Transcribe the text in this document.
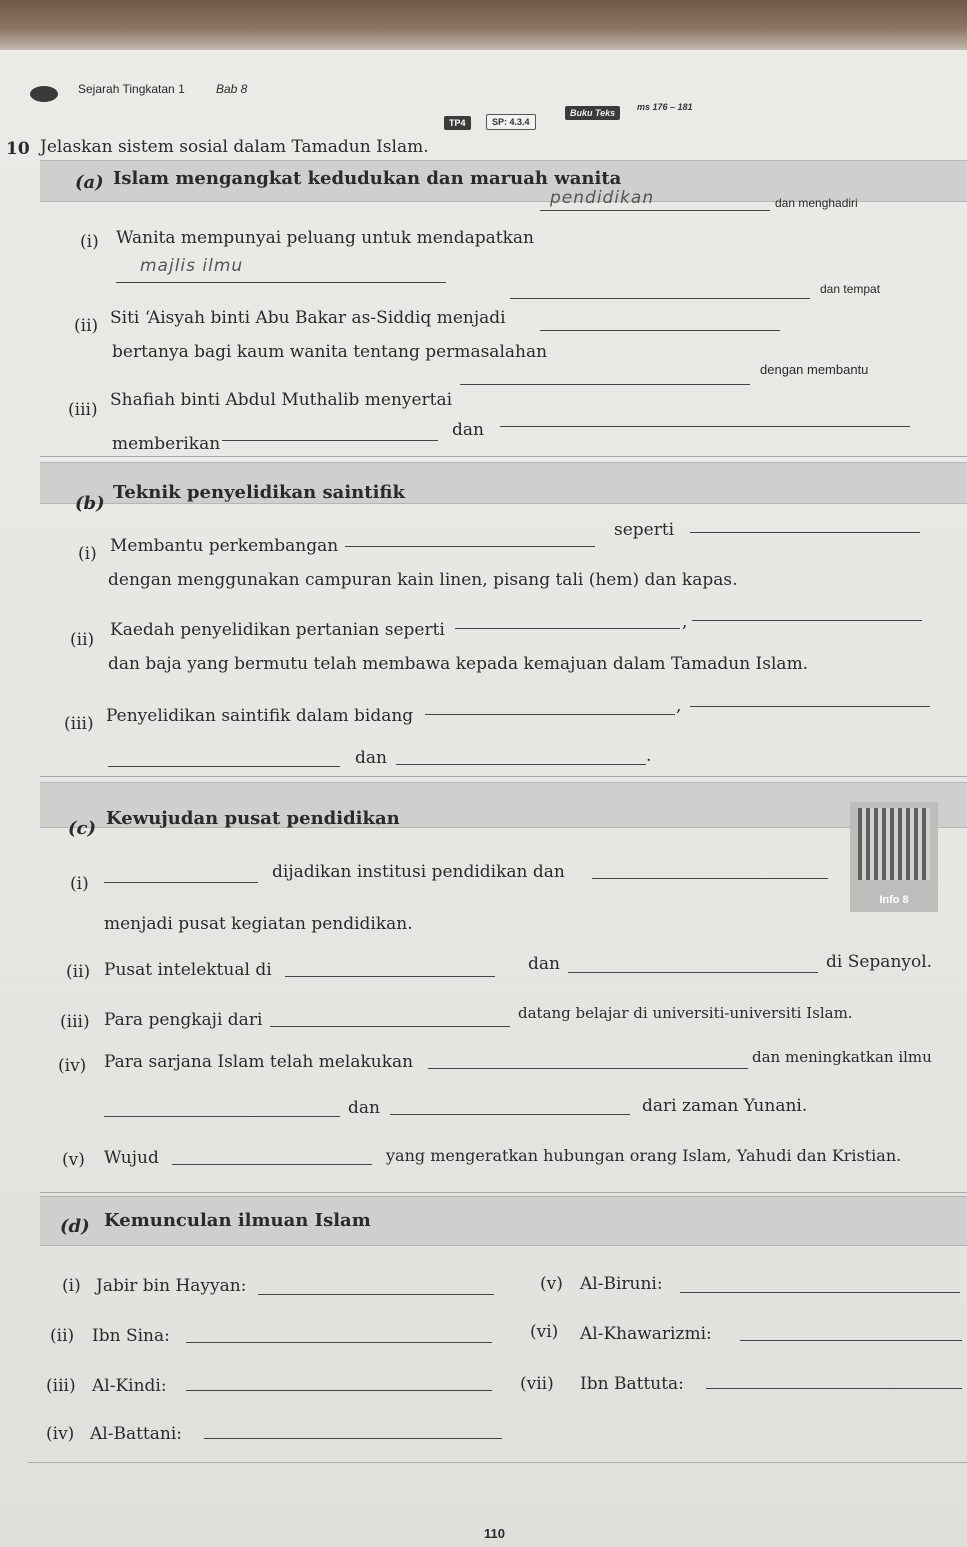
Sejarah Tingkatan 1	Bab 8
10 Jelaskan sistem sosial dalam Tamadun Islam.
TP4	SP: 4.3.4
Buku Teks
ms 176 – 181
(a) Islam mengangkat kedudukan dan maruah wanita
(i) Wanita mempunyai peluang untuk mendapatkan
pendidikan	dan menghadiri
majlis ilmu
(ii) Siti ‘Aisyah binti Abu Bakar as-Siddiq menjadi
dan tempat
bertanya bagi kaum wanita tentang permasalahan
(iii) Shafiah binti Abdul Muthalib menyertai
dengan membantu
memberikan
dan
(b)
Teknik penyelidikan saintifik
(i) Membantu perkembangan
seperti
dengan menggunakan campuran kain linen, pisang tali (hem) dan kapas.
(ii) Kaedah penyelidikan pertanian seperti	,
dan baja yang bermutu telah membawa kepada kemajuan dalam Tamadun Islam.
(iii) Penyelidikan saintifik dalam bidang	,
dan	.
(c) Kewujudan pusat pendidikan
Info 8
(i)
dijadikan institusi pendidikan dan
menjadi pusat kegiatan pendidikan.
(ii) Pusat intelektual di	dan	di Sepanyol.
(iii) Para pengkaji dari	datang belajar di universiti-universiti Islam.
(iv) Para sarjana Islam telah melakukan	dan meningkatkan ilmu
dan	dari zaman Yunani.
(v) Wujud	yang mengeratkan hubungan orang Islam, Yahudi dan Kristian.
(d) Kemunculan ilmuan Islam
(i) Jabir bin Hayyan:
(ii) Ibn Sina:
(iii) Al-Kindi:
(iv) Al-Battani:
(v) Al-Biruni:
(vi) Al-Khawarizmi:
(vii) Ibn Battuta:
110
